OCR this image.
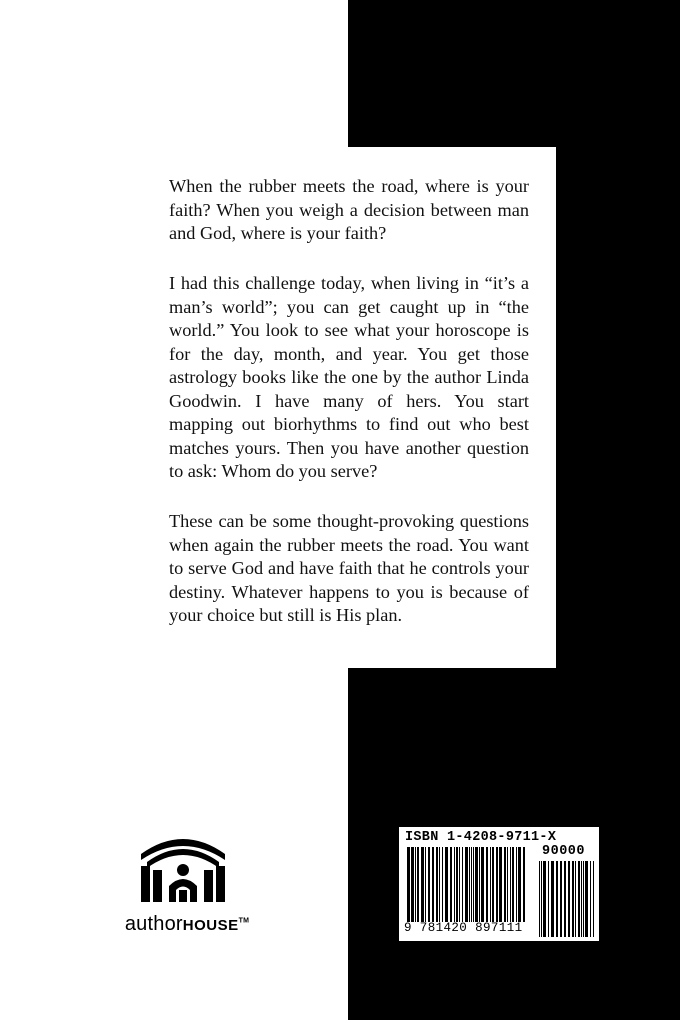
When the rubber meets the road, where is your faith? When you weigh a decision between man and God, where is your faith?

I had this challenge today, when living in “it’s a man’s world”; you can get caught up in “the world.” You look to see what your horoscope is for the day, month, and year. You get those astrology books like the one by the author Linda Goodwin. I have many of hers. You start mapping out biorhythms to find out who best matches yours. Then you have another question to ask: Whom do you serve?

These can be some thought-provoking questions when again the rubber meets the road. You want to serve God and have faith that he controls your destiny. Whatever happens to you is because of your choice but still is His plan.

authorHOUSE™
ISBN 1-4208-9711-X
90000
9 781420 897111
